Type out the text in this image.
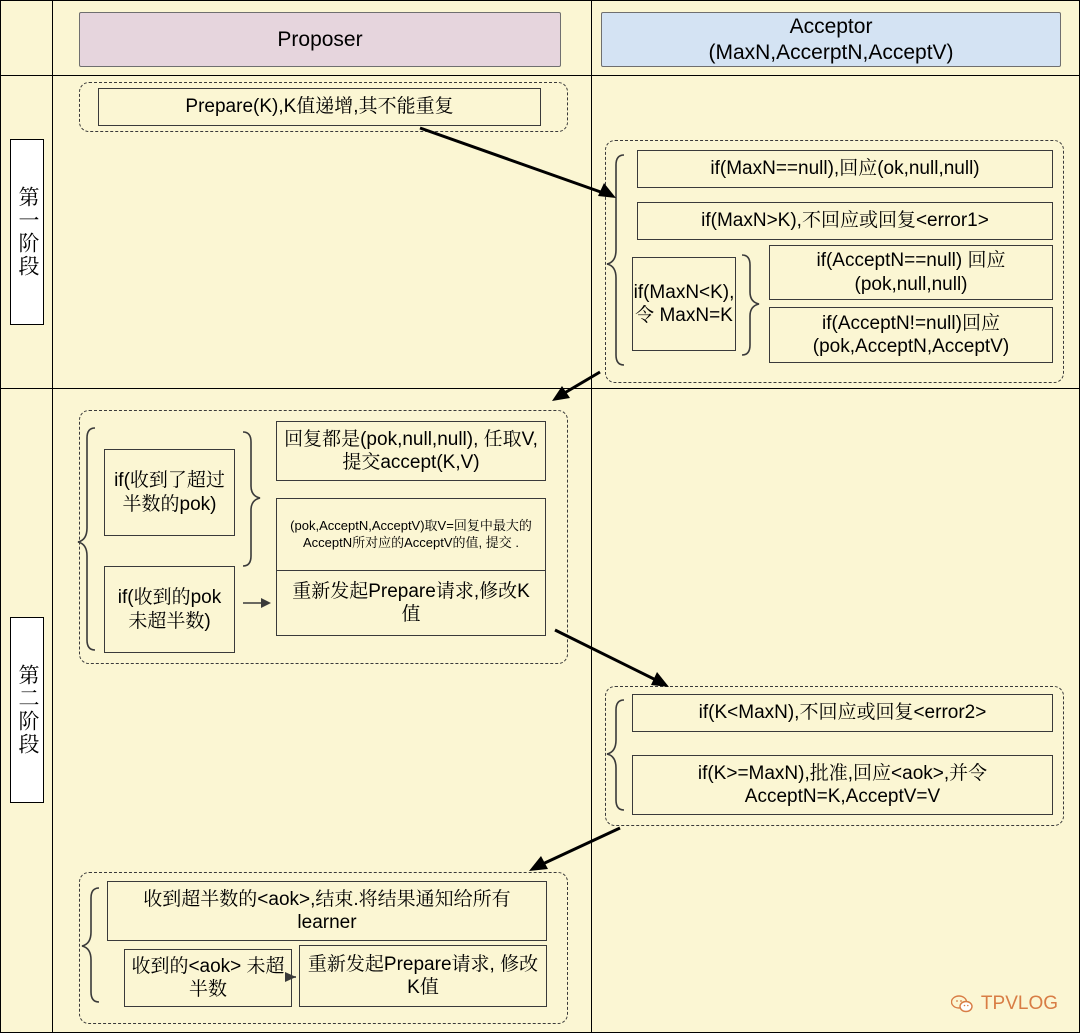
Proposer
Acceptor
(MaxN,AccerptN,AcceptV)
第一阶段
第二阶段
Prepare(K),K值递增,其不能重复
if(MaxN==null),回应(ok,null,null)
if(MaxN>K),不回应或回复<error1>
if(MaxN<K),令 MaxN=K
if(AcceptN==null) 回应(pok,null,null)
if(AcceptN!=null)回应 (pok,AcceptN,AcceptV)
if(收到了超过半数的pok)
回复都是(pok,null,null), 任取V,提交accept(K,V)
(pok,AcceptN,AcceptV)取V=回复中最大的AcceptN所对应的AcceptV的值, 提交 .
if(收到的pok未超半数)
重新发起Prepare请求,修改K值
if(K<MaxN),不回应或回复<error2>
if(K>=MaxN),批准,回应<aok>,并令 AcceptN=K,AcceptV=V
收到超半数的<aok>,结束.将结果通知给所有learner
收到的<aok> 未超半数
重新发起Prepare请求, 修改K值
TPVLOG
